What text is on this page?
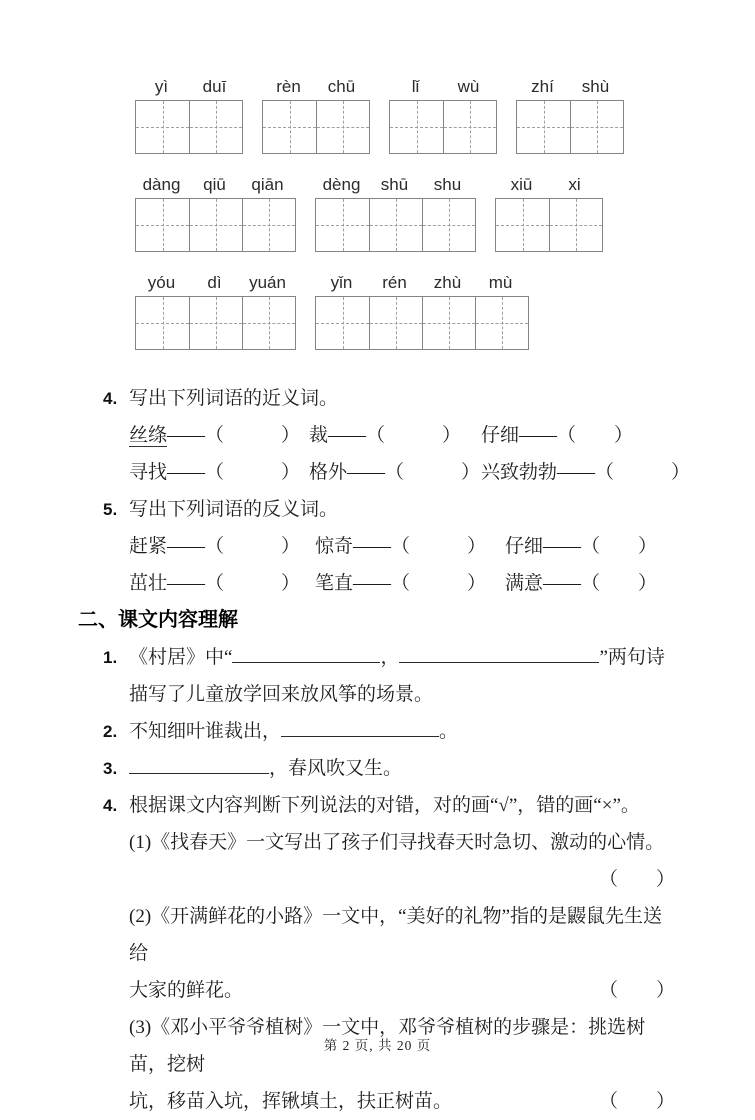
yì	duī	rèn	chū	lǐ	wù	zhí	shù
dàng	qiū	qiān	dèng	shū	shu	xiū	xi
yóu	dì	yuán	yǐn	rén	zhù	mù
4. 写出下列词语的近义词。
丝绦——（　　　） 裁——（　　　）	仔细——（　　）
寻找——（　　　） 格外——（　　　） 兴致勃勃——（　　　）
5. 写出下列词语的反义词。
赶紧——（　　　） 惊奇——（　　　） 仔细——（　　）
茁壮——（　　　） 笔直——（　　　） 满意——（　　）
二、课文内容理解
1. 《村居》中“	，	”两句诗
描写了儿童放学回来放风筝的场景。
2. 不知细叶谁裁出，	。
3.	，春风吹又生。
4. 根据课文内容判断下列说法的对错，对的画“√”，错的画“×”。
(1)《找春天》一文写出了孩子们寻找春天时急切、激动的心情。
（　　）
(2)《开满鲜花的小路》一文中，“美好的礼物”指的是鼹鼠先生送给
大家的鲜花。	（　　）
(3)《邓小平爷爷植树》一文中，邓爷爷植树的步骤是：挑选树苗，挖树
坑，移苗入坑，挥锹填土，扶正树苗。	（　　）
第 2 页, 共 20 页
